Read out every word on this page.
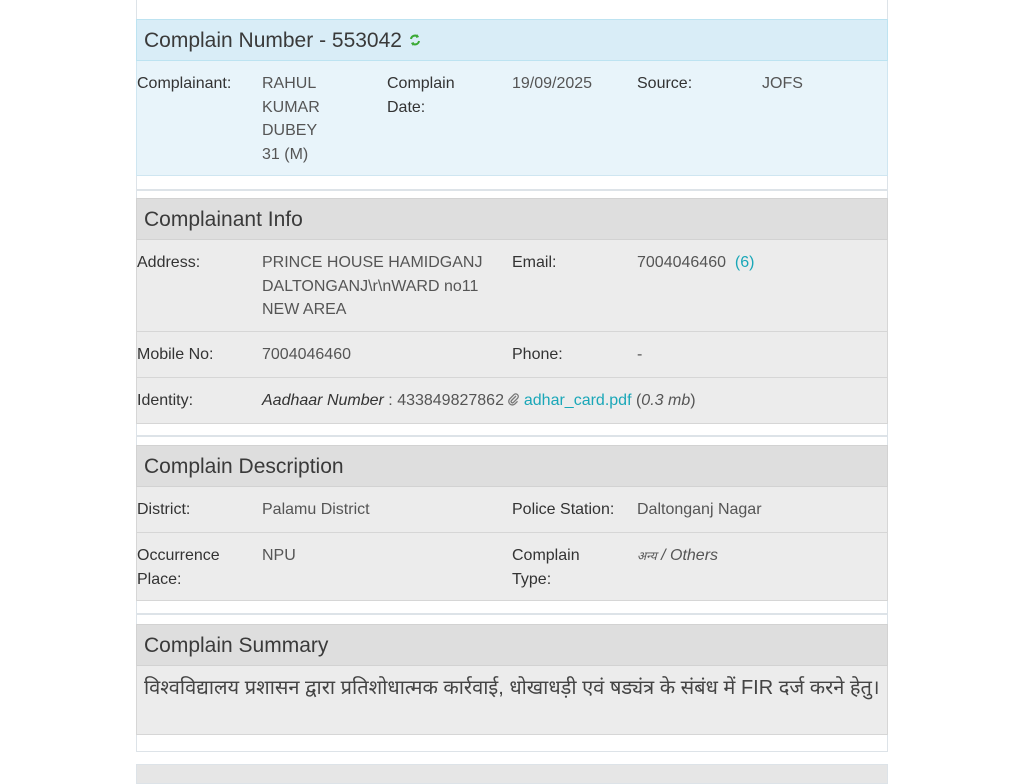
Complain Number - 553042
Complainant: RAHUL
KUMAR
DUBEY
31 (M)
Complain
Date:
19/09/2025	Source:	JOFS
Complainant Info
Address:	PRINCE HOUSE HAMIDGANJ
DALTONGANJ\r\nWARD no11
NEW AREA
Email:	7004046460 (6)
Mobile No:	7004046460	Phone:	-
Identity:	Aadhaar Number : 433849827862 adhar_card.pdf (0.3 mb)
Complain Description
District:	Palamu District	Police Station: Daltonganj Nagar
Occurrence
Place:
NPU	Complain
Type:
अन्य / Others
Complain Summary
विश्वविद्यालय प्रशासन द्वारा प्रतिशोधात्मक कार्रवाई, धोखाधड़ी एवं षड्यंत्र के संबंध में FIR दर्ज करने हेतु।
